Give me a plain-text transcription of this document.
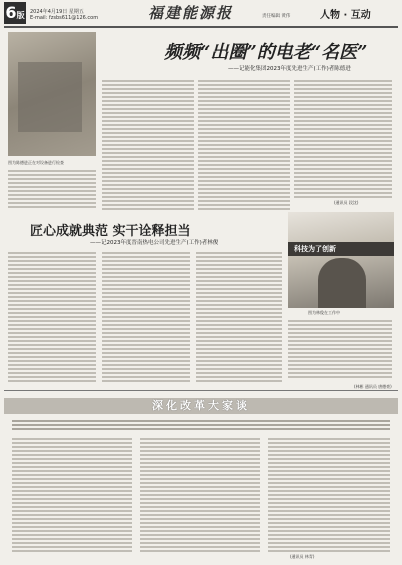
6版 2024年4月19日 星期五
E-mail: fzsbs611@126.com	福建能源报	责任编辑 黄伟	人物 · 互动
图为陈德进正在对设备进行检查
频频“出圈”的电老“名医”
——记能化集团2023年度先进生产(工作)者陈德进
(通讯员 段沈)
匠心成就典范 实干诠释担当
——记2023年度晋南热电公司先进生产(工作)者林俊
科技为了创新
图为林俊在工作中
(林彬 通讯员 唐德豪)
深化改革大家谈
(通讯员 林青)
